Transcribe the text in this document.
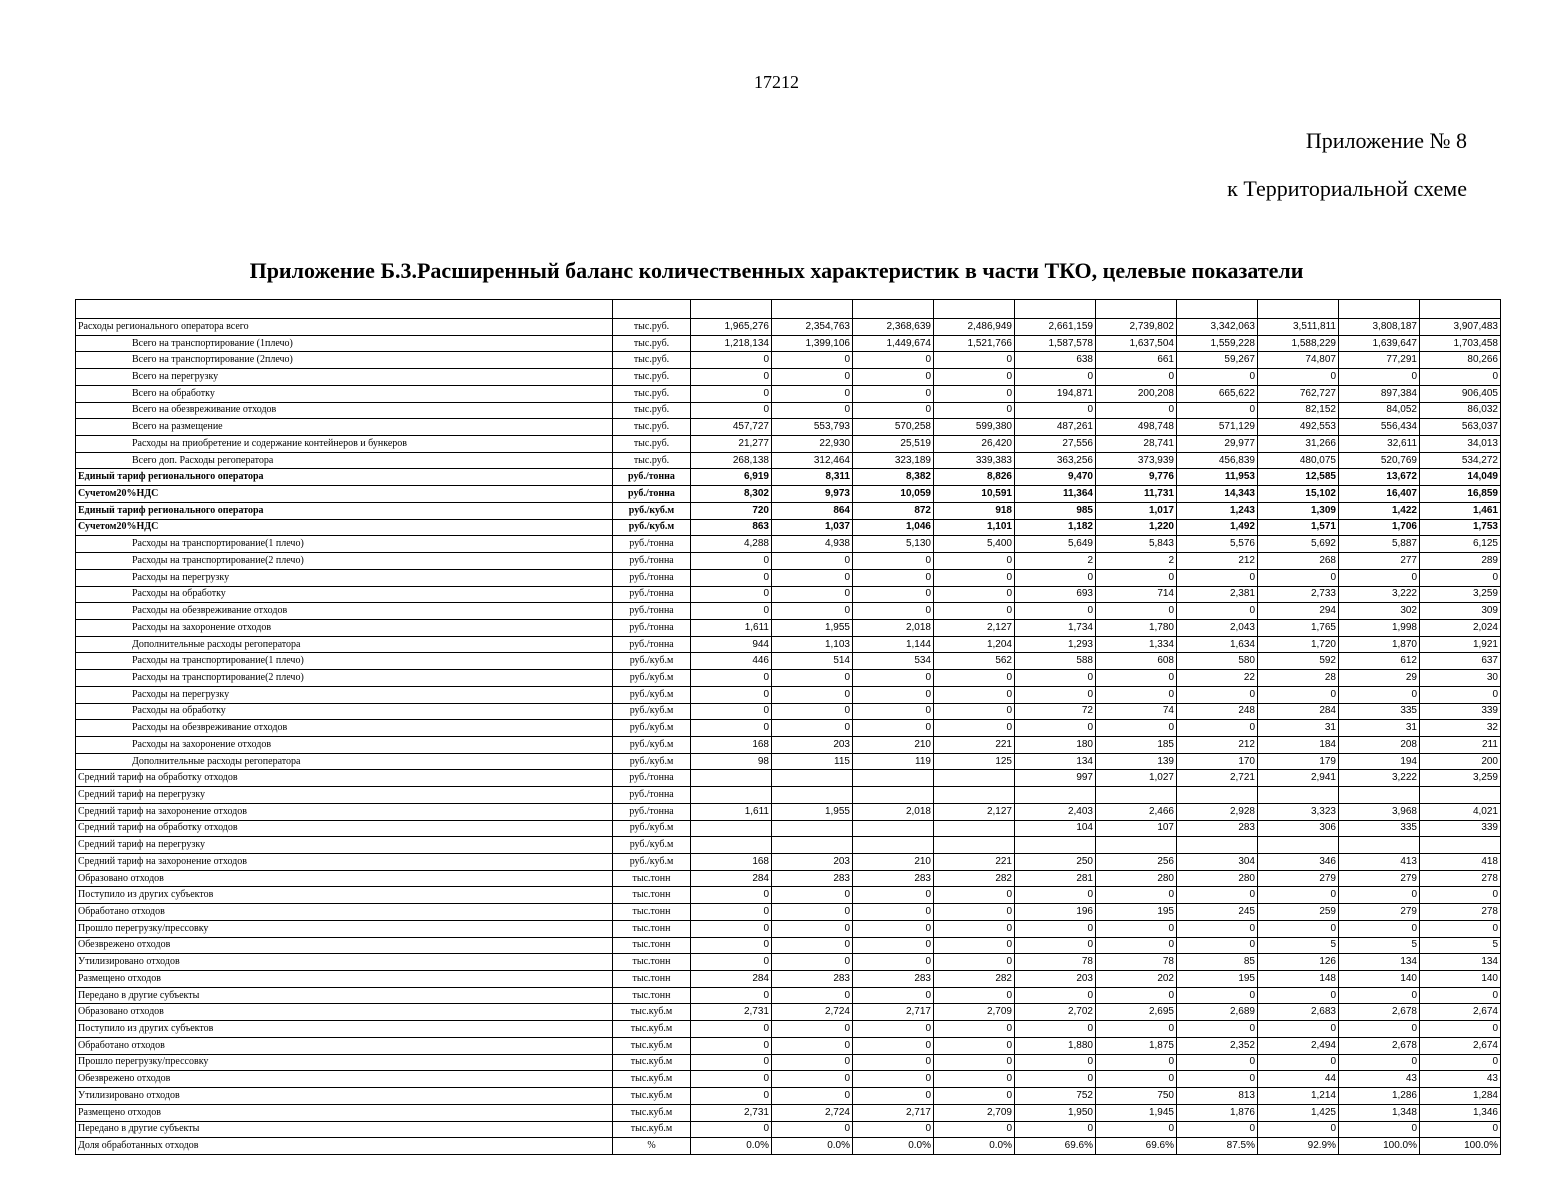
17212
Приложение № 8
к Территориальной схеме
Приложение Б.3.Расширенный баланс количественных характеристик в части ТКО, целевые показатели

Расходы регионального оператора всего	тыс.руб.	1,965,276	2,354,763	2,368,639	2,486,949	2,661,159	2,739,802	3,342,063	3,511,811	3,808,187	3,907,483
Всего на транспортирование (1плечо)	тыс.руб.	1,218,134	1,399,106	1,449,674	1,521,766	1,587,578	1,637,504	1,559,228	1,588,229	1,639,647	1,703,458
Всего на транспортирование (2плечо)	тыс.руб.	0	0	0	0	638	661	59,267	74,807	77,291	80,266
Всего на перегрузку	тыс.руб.	0	0	0	0	0	0	0	0	0	0
Всего на обработку	тыс.руб.	0	0	0	0	194,871	200,208	665,622	762,727	897,384	906,405
Всего на обезвреживание отходов	тыс.руб.	0	0	0	0	0	0	0	82,152	84,052	86,032
Всего на размещение	тыс.руб.	457,727	553,793	570,258	599,380	487,261	498,748	571,129	492,553	556,434	563,037
Расходы на приобретение и содержание контейнеров и бункеров	тыс.руб.	21,277	22,930	25,519	26,420	27,556	28,741	29,977	31,266	32,611	34,013
Всего доп. Расходы регоператора	тыс.руб.	268,138	312,464	323,189	339,383	363,256	373,939	456,839	480,075	520,769	534,272
Единый тариф регионального оператора	руб./тонна	6,919	8,311	8,382	8,826	9,470	9,776	11,953	12,585	13,672	14,049
Сучетом20%НДС	руб./тонна	8,302	9,973	10,059	10,591	11,364	11,731	14,343	15,102	16,407	16,859
Единый тариф регионального оператора	руб./куб.м	720	864	872	918	985	1,017	1,243	1,309	1,422	1,461
Сучетом20%НДС	руб./куб.м	863	1,037	1,046	1,101	1,182	1,220	1,492	1,571	1,706	1,753
Расходы на транспортирование(1 плечо)	руб./тонна	4,288	4,938	5,130	5,400	5,649	5,843	5,576	5,692	5,887	6,125
Расходы на транспортирование(2 плечо)	руб./тонна	0	0	0	0	2	2	212	268	277	289
Расходы на перегрузку	руб./тонна	0	0	0	0	0	0	0	0	0	0
Расходы на обработку	руб./тонна	0	0	0	0	693	714	2,381	2,733	3,222	3,259
Расходы на обезвреживание отходов	руб./тонна	0	0	0	0	0	0	0	294	302	309
Расходы на захоронение отходов	руб./тонна	1,611	1,955	2,018	2,127	1,734	1,780	2,043	1,765	1,998	2,024
Дополнительные расходы регоператора	руб./тонна	944	1,103	1,144	1,204	1,293	1,334	1,634	1,720	1,870	1,921
Расходы на транспортирование(1 плечо)	руб./куб.м	446	514	534	562	588	608	580	592	612	637
Расходы на транспортирование(2 плечо)	руб./куб.м	0	0	0	0	0	0	22	28	29	30
Расходы на перегрузку	руб./куб.м	0	0	0	0	0	0	0	0	0	0
Расходы на обработку	руб./куб.м	0	0	0	0	72	74	248	284	335	339
Расходы на обезвреживание отходов	руб./куб.м	0	0	0	0	0	0	0	31	31	32
Расходы на захоронение отходов	руб./куб.м	168	203	210	221	180	185	212	184	208	211
Дополнительные расходы регоператора	руб./куб.м	98	115	119	125	134	139	170	179	194	200
Средний тариф на обработку отходов	руб./тонна					997	1,027	2,721	2,941	3,222	3,259
Средний тариф на перегрузку	руб./тонна										
Средний тариф на захоронение отходов	руб./тонна	1,611	1,955	2,018	2,127	2,403	2,466	2,928	3,323	3,968	4,021
Средний тариф на обработку отходов	руб./куб.м					104	107	283	306	335	339
Средний тариф на перегрузку	руб./куб.м										
Средний тариф на захоронение отходов	руб./куб.м	168	203	210	221	250	256	304	346	413	418
Образовано отходов	тыс.тонн	284	283	283	282	281	280	280	279	279	278
Поступило из других субъектов	тыс.тонн	0	0	0	0	0	0	0	0	0	0
Обработано отходов	тыс.тонн	0	0	0	0	196	195	245	259	279	278
Прошло перегрузку/прессовку	тыс.тонн	0	0	0	0	0	0	0	0	0	0
Обезврежено отходов	тыс.тонн	0	0	0	0	0	0	0	5	5	5
Утилизировано отходов	тыс.тонн	0	0	0	0	78	78	85	126	134	134
Размещено отходов	тыс.тонн	284	283	283	282	203	202	195	148	140	140
Передано в другие субъекты	тыс.тонн	0	0	0	0	0	0	0	0	0	0
Образовано отходов	тыс.куб.м	2,731	2,724	2,717	2,709	2,702	2,695	2,689	2,683	2,678	2,674
Поступило из других субъектов	тыс.куб.м	0	0	0	0	0	0	0	0	0	0
Обработано отходов	тыс.куб.м	0	0	0	0	1,880	1,875	2,352	2,494	2,678	2,674
Прошло перегрузку/прессовку	тыс.куб.м	0	0	0	0	0	0	0	0	0	0
Обезврежено отходов	тыс.куб.м	0	0	0	0	0	0	0	44	43	43
Утилизировано отходов	тыс.куб.м	0	0	0	0	752	750	813	1,214	1,286	1,284
Размещено отходов	тыс.куб.м	2,731	2,724	2,717	2,709	1,950	1,945	1,876	1,425	1,348	1,346
Передано в другие субъекты	тыс.куб.м	0	0	0	0	0	0	0	0	0	0
Доля обработанных отходов	%	0.0%	0.0%	0.0%	0.0%	69.6%	69.6%	87.5%	92.9%	100.0%	100.0%
